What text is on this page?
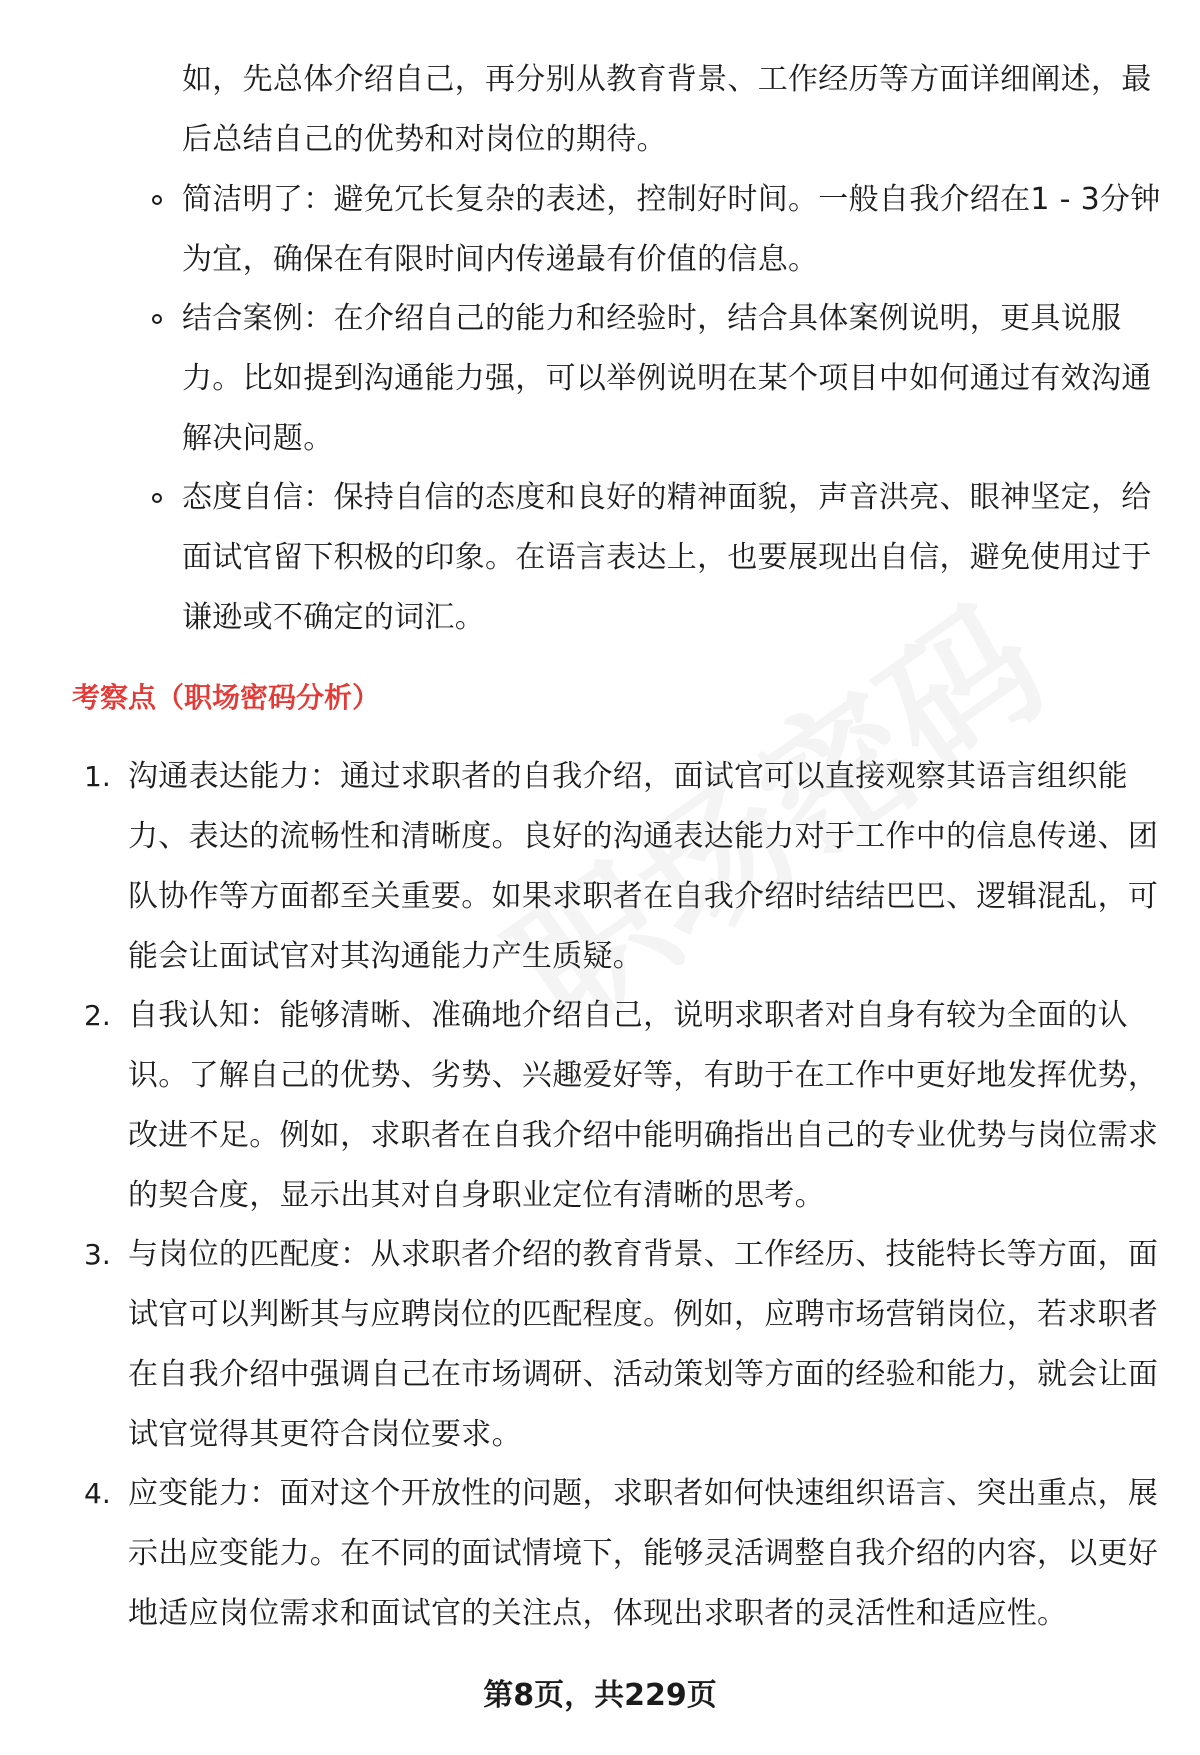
如，先总体介绍自己，再分别从教育背景、工作经历等方面详细阐述，最
后总结自己的优势和对岗位的期待。
简洁明了：避免冗长复杂的表述，控制好时间。一般自我介绍在1 - 3分钟
为宜，确保在有限时间内传递最有价值的信息。
结合案例：在介绍自己的能力和经验时，结合具体案例说明，更具说服
力。比如提到沟通能力强，可以举例说明在某个项目中如何通过有效沟通
解决问题。
态度自信：保持自信的态度和良好的精神面貌，声音洪亮、眼神坚定，给
面试官留下积极的印象。在语言表达上，也要展现出自信，避免使用过于
谦逊或不确定的词汇。
考察点（职场密码分析）
1. 沟通表达能力：通过求职者的自我介绍，面试官可以直接观察其语言组织能
力、表达的流畅性和清晰度。良好的沟通表达能力对于工作中的信息传递、团
队协作等方面都至关重要。如果求职者在自我介绍时结结巴巴、逻辑混乱，可
能会让面试官对其沟通能力产生质疑。
2. 自我认知：能够清晰、准确地介绍自己，说明求职者对自身有较为全面的认
识。了解自己的优势、劣势、兴趣爱好等，有助于在工作中更好地发挥优势，
改进不足。例如，求职者在自我介绍中能明确指出自己的专业优势与岗位需求
的契合度，显示出其对自身职业定位有清晰的思考。
3. 与岗位的匹配度：从求职者介绍的教育背景、工作经历、技能特长等方面，面
试官可以判断其与应聘岗位的匹配程度。例如，应聘市场营销岗位，若求职者
在自我介绍中强调自己在市场调研、活动策划等方面的经验和能力，就会让面
试官觉得其更符合岗位要求。
4. 应变能力：面对这个开放性的问题，求职者如何快速组织语言、突出重点，展
示出应变能力。在不同的面试情境下，能够灵活调整自我介绍的内容，以更好
地适应岗位需求和面试官的关注点，体现出求职者的灵活性和适应性。
第8页，共229页
